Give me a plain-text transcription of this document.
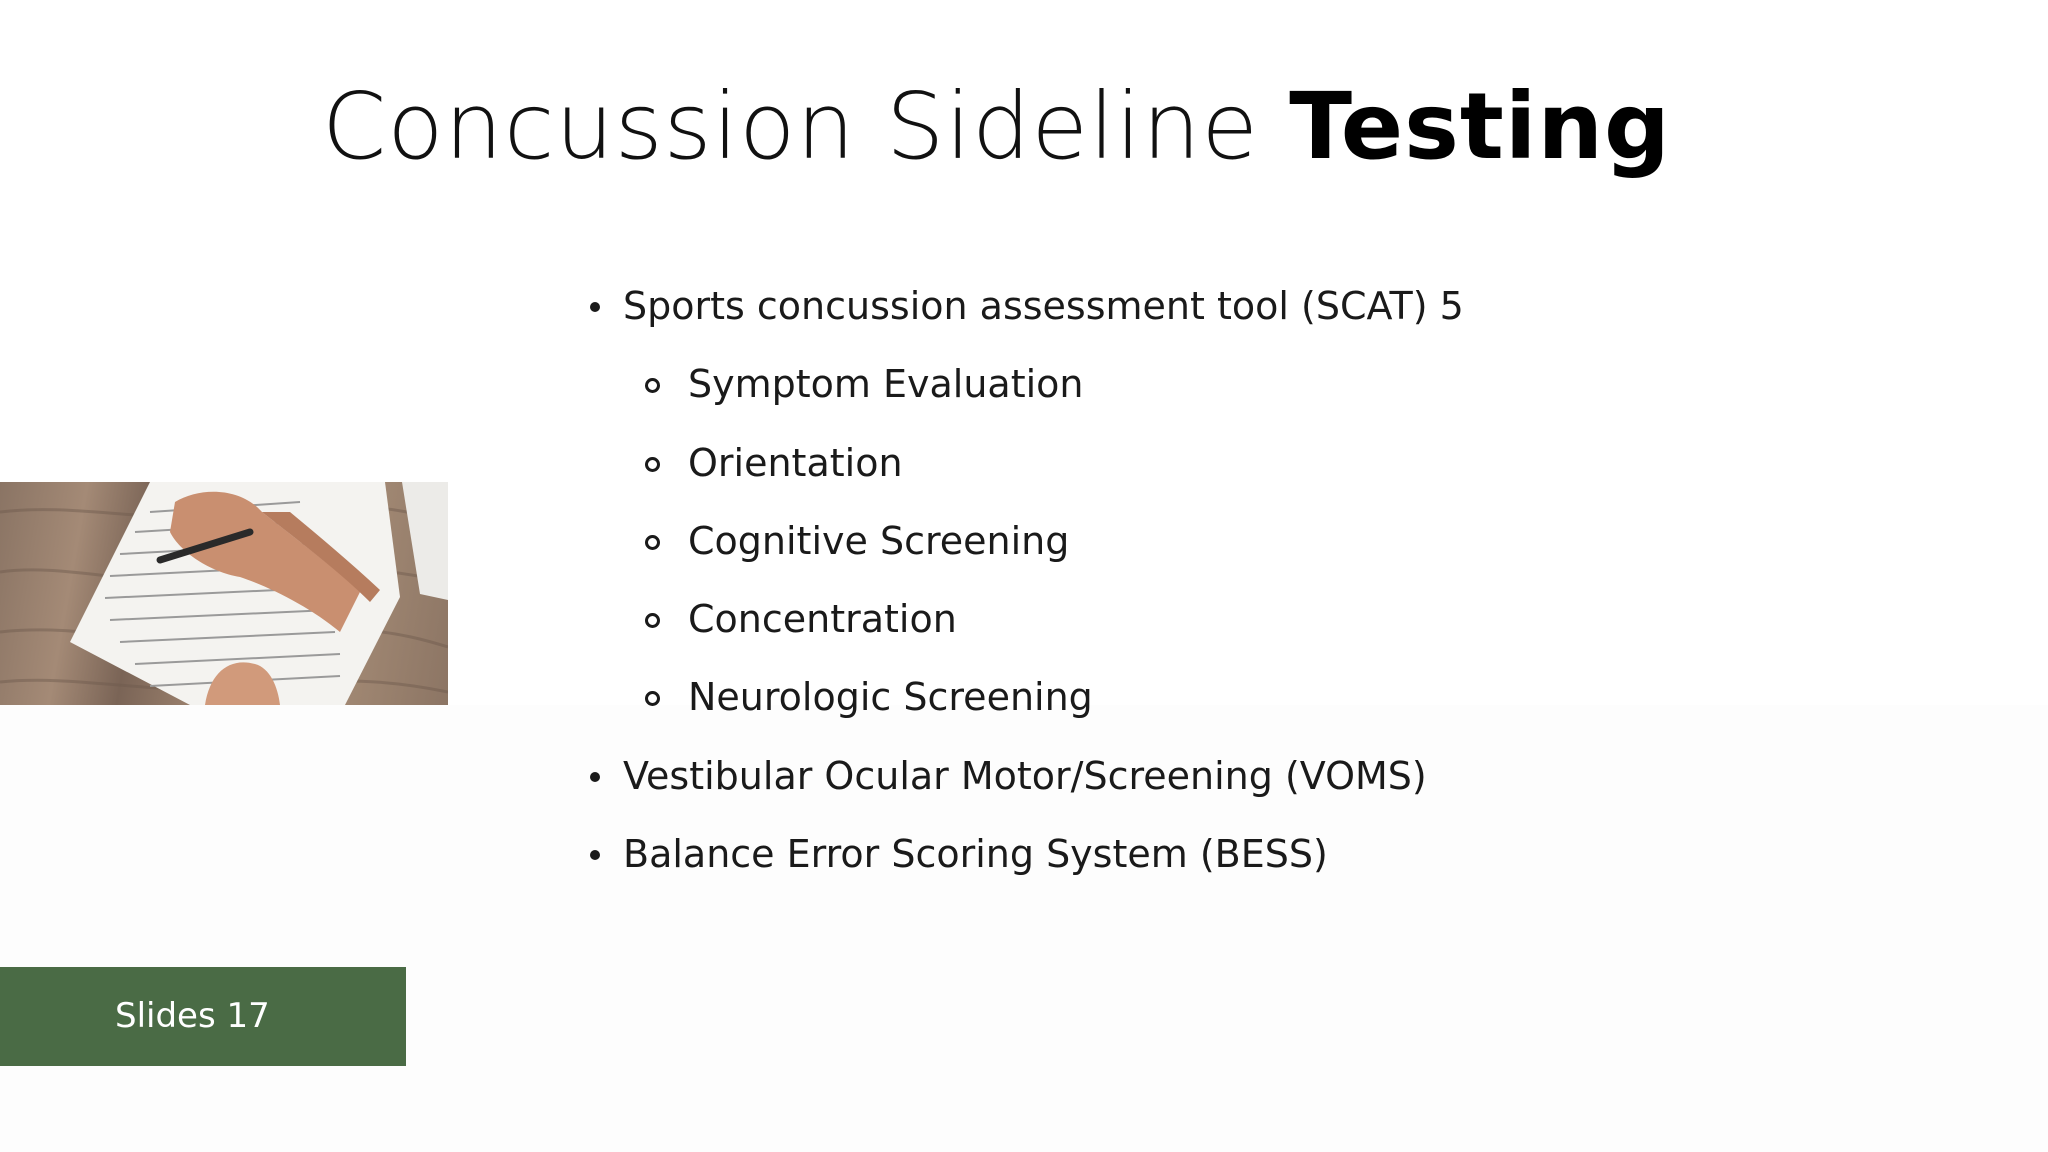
Concussion Sideline Testing
Sports concussion assessment tool (SCAT) 5
Symptom Evaluation
Orientation
Cognitive Screening
Concentration
Neurologic Screening
Vestibular Ocular Motor/Screening (VOMS)
Balance Error Scoring System (BESS)
Slides 17
